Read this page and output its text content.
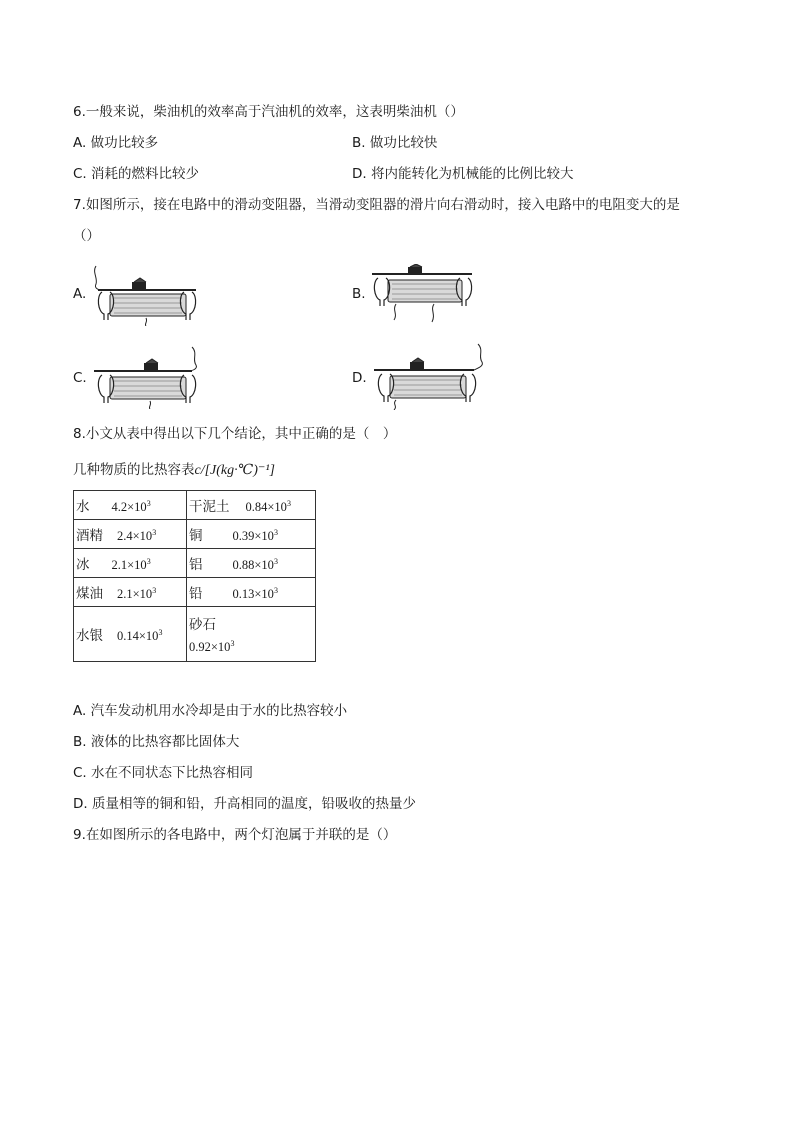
6.一般来说，柴油机的效率高于汽油机的效率，这表明柴油机（）
A. 做功比较多	B. 做功比较快
C. 消耗的燃料比较少	D. 将内能转化为机械能的比例比较大
7.如图所示，接在电路中的滑动变阻器，当滑动变阻器的滑片向右滑动时，接入电路中的电阻变大的是
（）
A.	B.
C.	D.
8.小文从表中得出以下几个结论，其中正确的是（　）
几种物质的比热容表c/[J(kg·℃)⁻¹]
水 $4.2\times 10^3$	干泥土 $0.84\times 10^3$
酒精 $2.4\times 10^3$	铜 $0.39\times 10^3$
冰 $2.1\times 10^3$	铝 $0.88\times 10^3$
煤油 $2.1\times 10^3$	铅 $0.13\times 10^3$
水银 $0.14\times 10^3$	砂石
$0.92\times 10^3$
A. 汽车发动机用水冷却是由于水的比热容较小
B. 液体的比热容都比固体大
C. 水在不同状态下比热容相同
D. 质量相等的铜和铅，升高相同的温度，铅吸收的热量少
9.在如图所示的各电路中，两个灯泡属于并联的是（）
